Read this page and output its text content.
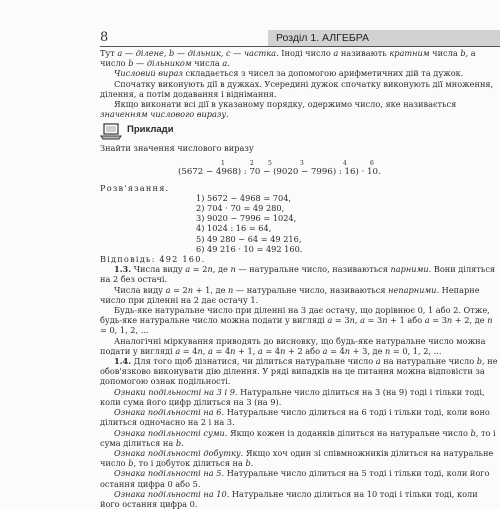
8	Розділ 1. АЛГЕБРА

Тут a — ділене, b — дільник, c — частка. Іноді число a називають кратним числа b, а число b — дільником числа a.

Числовий вираз складається з чисел за допомогою арифметичних дій та дужок.

Спочатку виконують дії в дужках. Усередині дужок спочатку виконують дії множення, ділення, а потім додавання і віднімання.

Якщо виконати всі дії в указаному порядку, одержимо число, яке називається значенням числового виразу.

Приклади

Знайти значення числового виразу

1	2 5	3	4	6
(5672 − 4968) : 70 − (9020 − 7996) : 16) · 10.

Розв'язання.

1) 5672 − 4968 = 704,

2) 704 · 70 = 49 280,

3) 9020 − 7996 = 1024,

4) 1024 : 16 = 64,

5) 49 280 − 64 = 49 216,

6) 49 216 · 10 = 492 160.

Відповідь: 492 160.

1.3. Числа виду a = 2n, де n — натуральне число, називаються парними. Вони діляться на 2 без остачі.

Числа виду a = 2n + 1, де n — натуральне число, називаються непарними. Непарне число при діленні на 2 дає остачу 1.

Будь-яке натуральне число при діленні на 3 дає остачу, що дорівнює 0, 1 або 2. Отже, будь-яке натуральне число можна подати у вигляді a = 3n, a = 3n + 1 або a = 3n + 2, де n = 0, 1, 2, ...

Аналогічні міркування приводять до висновку, що будь-яке натуральне число можна подати у вигляді a = 4n, a = 4n + 1, a = 4n + 2 або a = 4n + 3, де n = 0, 1, 2, ...

1.4. Для того щоб дізнатися, чи ділиться натуральне число a на натуральне число b, не обов'язково виконувати дію ділення. У ряді випадків на це питання можна відповісти за допомогою ознак подільності.

Ознаки подільності на 3 і 9. Натуральне число ділиться на 3 (на 9) тоді і тільки тоді, коли сума його цифр ділиться на 3 (на 9).

Ознака подільності на 6. Натуральне число ділиться на 6 тоді і тільки тоді, коли воно ділиться одночасно на 2 і на 3.

Ознака подільності суми. Якщо кожен із доданків ділиться на натуральне число b, то і сума ділиться на b.

Ознака подільності добутку. Якщо хоч один зі співмножників ділиться на натуральне число b, то і добуток ділиться на b.

Ознака подільності на 5. Натуральне число ділиться на 5 тоді і тільки тоді, коли його остання цифра 0 або 5.

Ознака подільності на 10. Натуральне число ділиться на 10 тоді і тільки тоді, коли його остання цифра 0.
